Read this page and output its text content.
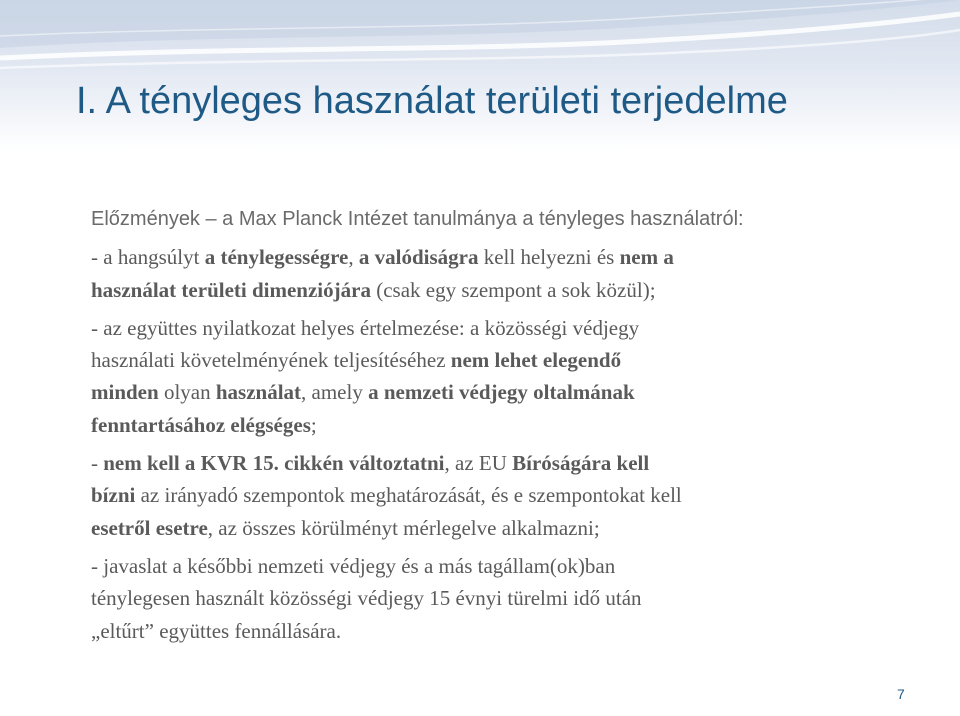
I. A tényleges használat területi terjedelme
Előzmények – a Max Planck Intézet tanulmánya a tényleges használatról:
- a hangsúlyt a ténylegességre, a valódiságra kell helyezni és nem a
használat területi dimenziójára (csak egy szempont a sok közül);
- az együttes nyilatkozat helyes értelmezése: a közösségi védjegy
használati követelményének teljesítéséhez nem lehet elegendő
minden olyan használat, amely a nemzeti védjegy oltalmának
fenntartásához elégséges;
- nem kell a KVR 15. cikkén változtatni, az EU Bíróságára kell
bízni az irányadó szempontok meghatározását, és e szempontokat kell
esetről esetre, az összes körülményt mérlegelve alkalmazni;
- javaslat a későbbi nemzeti védjegy és a más tagállam(ok)ban
ténylegesen használt közösségi védjegy 15 évnyi türelmi idő után
„eltűrt” együttes fennállására.
7
